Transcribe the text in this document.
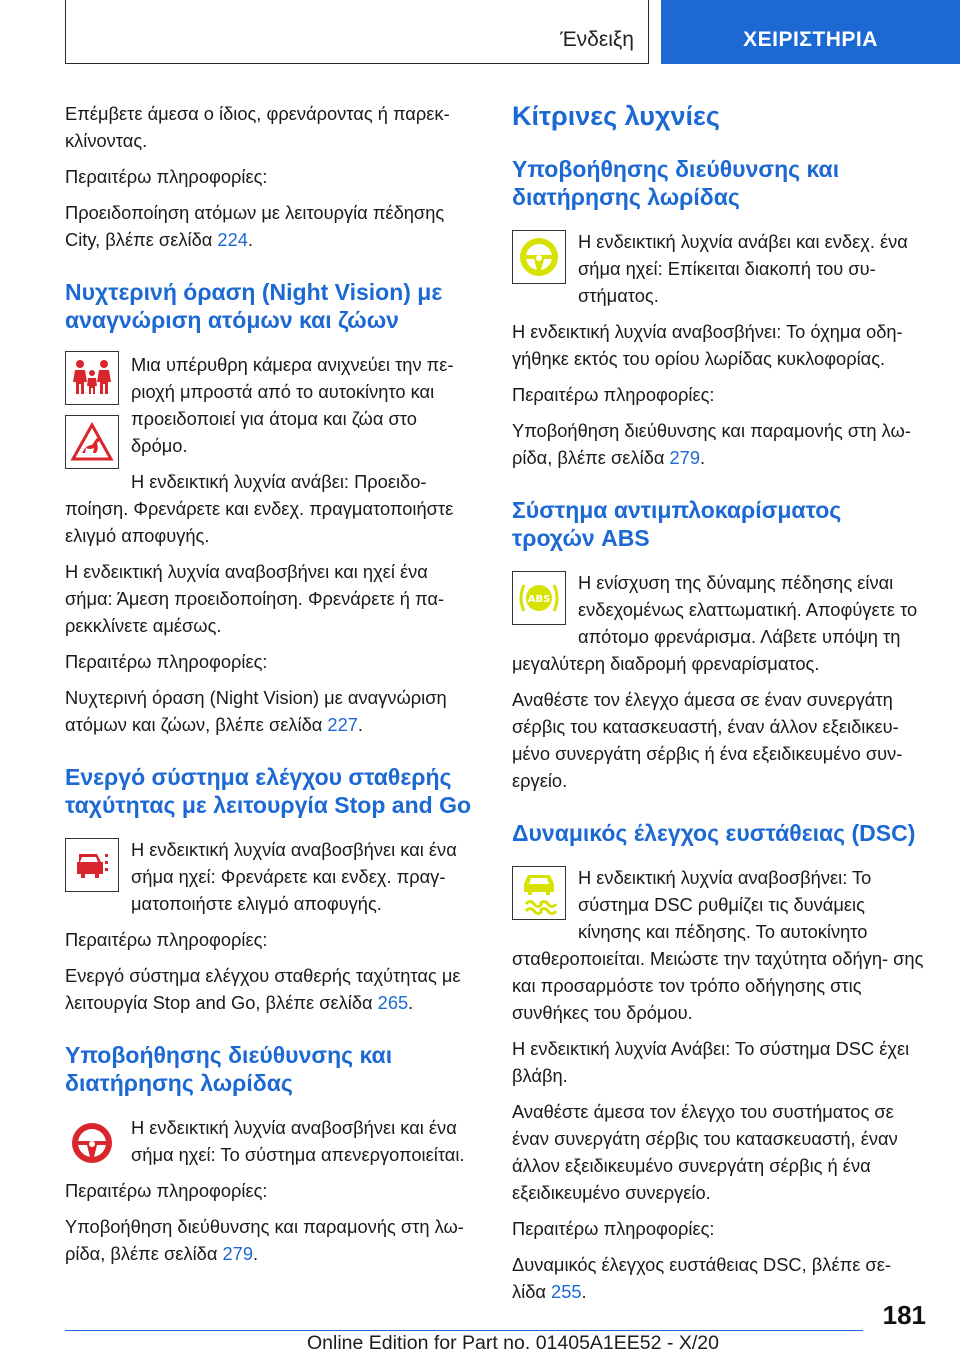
Ένδειξη	ΧΕΙΡΙΣΤΗΡΙΑ

Επέμβετε άμεσα ο ίδιος, φρενάροντας ή παρεκ- κλίνοντας.

Περαιτέρω πληροφορίες:

Προειδοποίηση ατόμων με λειτουργία πέδησης City, βλέπε σελίδα 224.

Νυχτερινή όραση (Night Vision) με αναγνώριση ατόμων και ζώων

Μια υπέρυθρη κάμερα ανιχνεύει την πε- ριοχή μπροστά από το αυτοκίνητο και προειδοποιεί για άτομα και ζώα στο δρόμο.

Η ενδεικτική λυχνία ανάβει: Προειδο- ποίηση. Φρενάρετε και ενδεχ. πραγματοποιήστε ελιγμό αποφυγής.

Η ενδεικτική λυχνία αναβοσβήνει και ηχεί ένα σήμα: Άμεση προειδοποίηση. Φρενάρετε ή πα- ρεκκλίνετε αμέσως.

Περαιτέρω πληροφορίες:

Νυχτερινή όραση (Night Vision) με αναγνώριση ατόμων και ζώων, βλέπε σελίδα 227.

Ενεργό σύστημα ελέγχου σταθερής ταχύτητας με λειτουργία Stop and Go

Η ενδεικτική λυχνία αναβοσβήνει και ένα σήμα ηχεί: Φρενάρετε και ενδεχ. πραγ- ματοποιήστε ελιγμό αποφυγής.

Περαιτέρω πληροφορίες:

Ενεργό σύστημα ελέγχου σταθερής ταχύτητας με λειτουργία Stop and Go, βλέπε σελίδα 265.

Υποβοήθησης διεύθυνσης και διατήρησης λωρίδας

Η ενδεικτική λυχνία αναβοσβήνει και ένα σήμα ηχεί: Το σύστημα απενεργοποιείται.

Περαιτέρω πληροφορίες:

Υποβοήθηση διεύθυνσης και παραμονής στη λω- ρίδα, βλέπε σελίδα 279.

Κίτρινες λυχνίες
Υποβοήθησης διεύθυνσης και διατήρησης λωρίδας

Η ενδεικτική λυχνία ανάβει και ενδεχ. ένα σήμα ηχεί: Επίκειται διακοπή του συ- στήματος.

Η ενδεικτική λυχνία αναβοσβήνει: Το όχημα οδη- γήθηκε εκτός του ορίου λωρίδας κυκλοφορίας.

Περαιτέρω πληροφορίες:

Υποβοήθηση διεύθυνσης και παραμονής στη λω- ρίδα, βλέπε σελίδα 279.

Σύστημα αντιμπλοκαρίσματος τροχών ABS
ABS

Η ενίσχυση της δύναμης πέδησης είναι ενδεχομένως ελαττωματική. Αποφύγετε το απότομο φρενάρισμα. Λάβετε υπόψη τη μεγαλύτερη διαδρομή φρεναρίσματος.

Αναθέστε τον έλεγχο άμεσα σε έναν συνεργάτη σέρβις του κατασκευαστή, έναν άλλον εξειδικευ- μένο συνεργάτη σέρβις ή ένα εξειδικευμένο συν- εργείο.

Δυναμικός έλεγχος ευστάθειας (DSC)

Η ενδεικτική λυχνία αναβοσβήνει: Το σύστημα DSC ρυθμίζει τις δυνάμεις κίνησης και πέδησης. Το αυτοκίνητο σταθεροποιείται. Μειώστε την ταχύτητα οδήγη- σης και προσαρμόστε τον τρόπο οδήγησης στις συνθήκες του δρόμου.

Η ενδεικτική λυχνία Ανάβει: Το σύστημα DSC έχει βλάβη.

Αναθέστε άμεσα τον έλεγχο του συστήματος σε έναν συνεργάτη σέρβις του κατασκευαστή, έναν άλλον εξειδικευμένο συνεργάτη σέρβις ή ένα εξειδικευμένο συνεργείο.

Περαιτέρω πληροφορίες:

Δυναμικός έλεγχος ευστάθειας DSC, βλέπε σε- λίδα 255.

181
Online Edition for Part no. 01405A1EE52 - X/20
